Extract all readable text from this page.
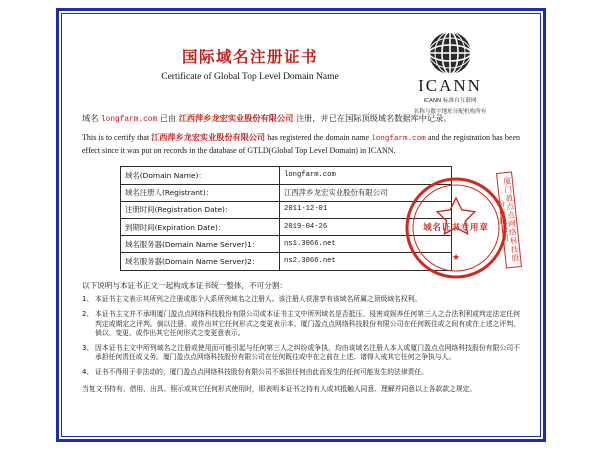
国际域名注册证书
Certificate of Global Top Level Domain Name	ICANN
ICANN 标准自互联网
名称与数字地址分配机构所有

域名 longfarm.com 已由 江西萍乡龙宏实业股份有限公司 注册，并已在国际顶级域名数据库中记录。

This is to certify that 江西萍乡龙宏实业股份有限公司 has registered the domain name longfarm.com and the registration has been effect since it was put on records in the database of GTLD(Global Top Level Domain) in ICANN.

域名(Domain Name)：	longfarm.com
域名注册人(Registrant)：	江西萍乡龙宏实业股份有限公司
注册时间(Registration Date)：	2011-12-01
到期时间(Expiration Date)：	2019-04-26
域名服务器(Domain Name Server)1：	ns1.3066.net
域名服务器(Domain Name Server)2：	ns2.3066.net	★
域名证书专用章	厦门盈点点网络科技股份有限公司
以下说明与本证书正文一起构成本证书统一整体，不可分割：
1、 本证书主文表示其所列之注册或那个人系所列域名之注册人。该注册人获准享有该域名所属之顶级域名权利。
2、 本证书主文并不承明厦门盈点点网络科技股份有限公司或本证书主文中所列域名是否抵压、侵害或娱养任何第三人之合法利利或判定法定任何判定或期定之评判。倘以注册、或作出其它任何形式之变更表示本、厦门盈点点网络科技股份有限公司在任何既往或之间有或在上述之评判、倘以、变更、或作出其它任何形式之变更意表示。
3、 因本证书主文中所列域名之注册或使用而可能引起与任何第三人之纠纷或争执，均由该域名注册人本人或厦门盈点点网络科技股份有限公司不承担任何责任或义务。厦门盈点点网络科技股份有限公司在任何既往或中在之前在上述、诸得入戒其它任何之争执与人。
4、 证书不得用于非法动的，厦门盈点点网络科技股份有限公司不承担任何由此而发生的任何可能发生的法律责任。
当复文书持有、借用、出具、照示或其它任何形式使用时，即表明本证书之持有人或其抵触人同意、理解并同意以上各款款之规定。
